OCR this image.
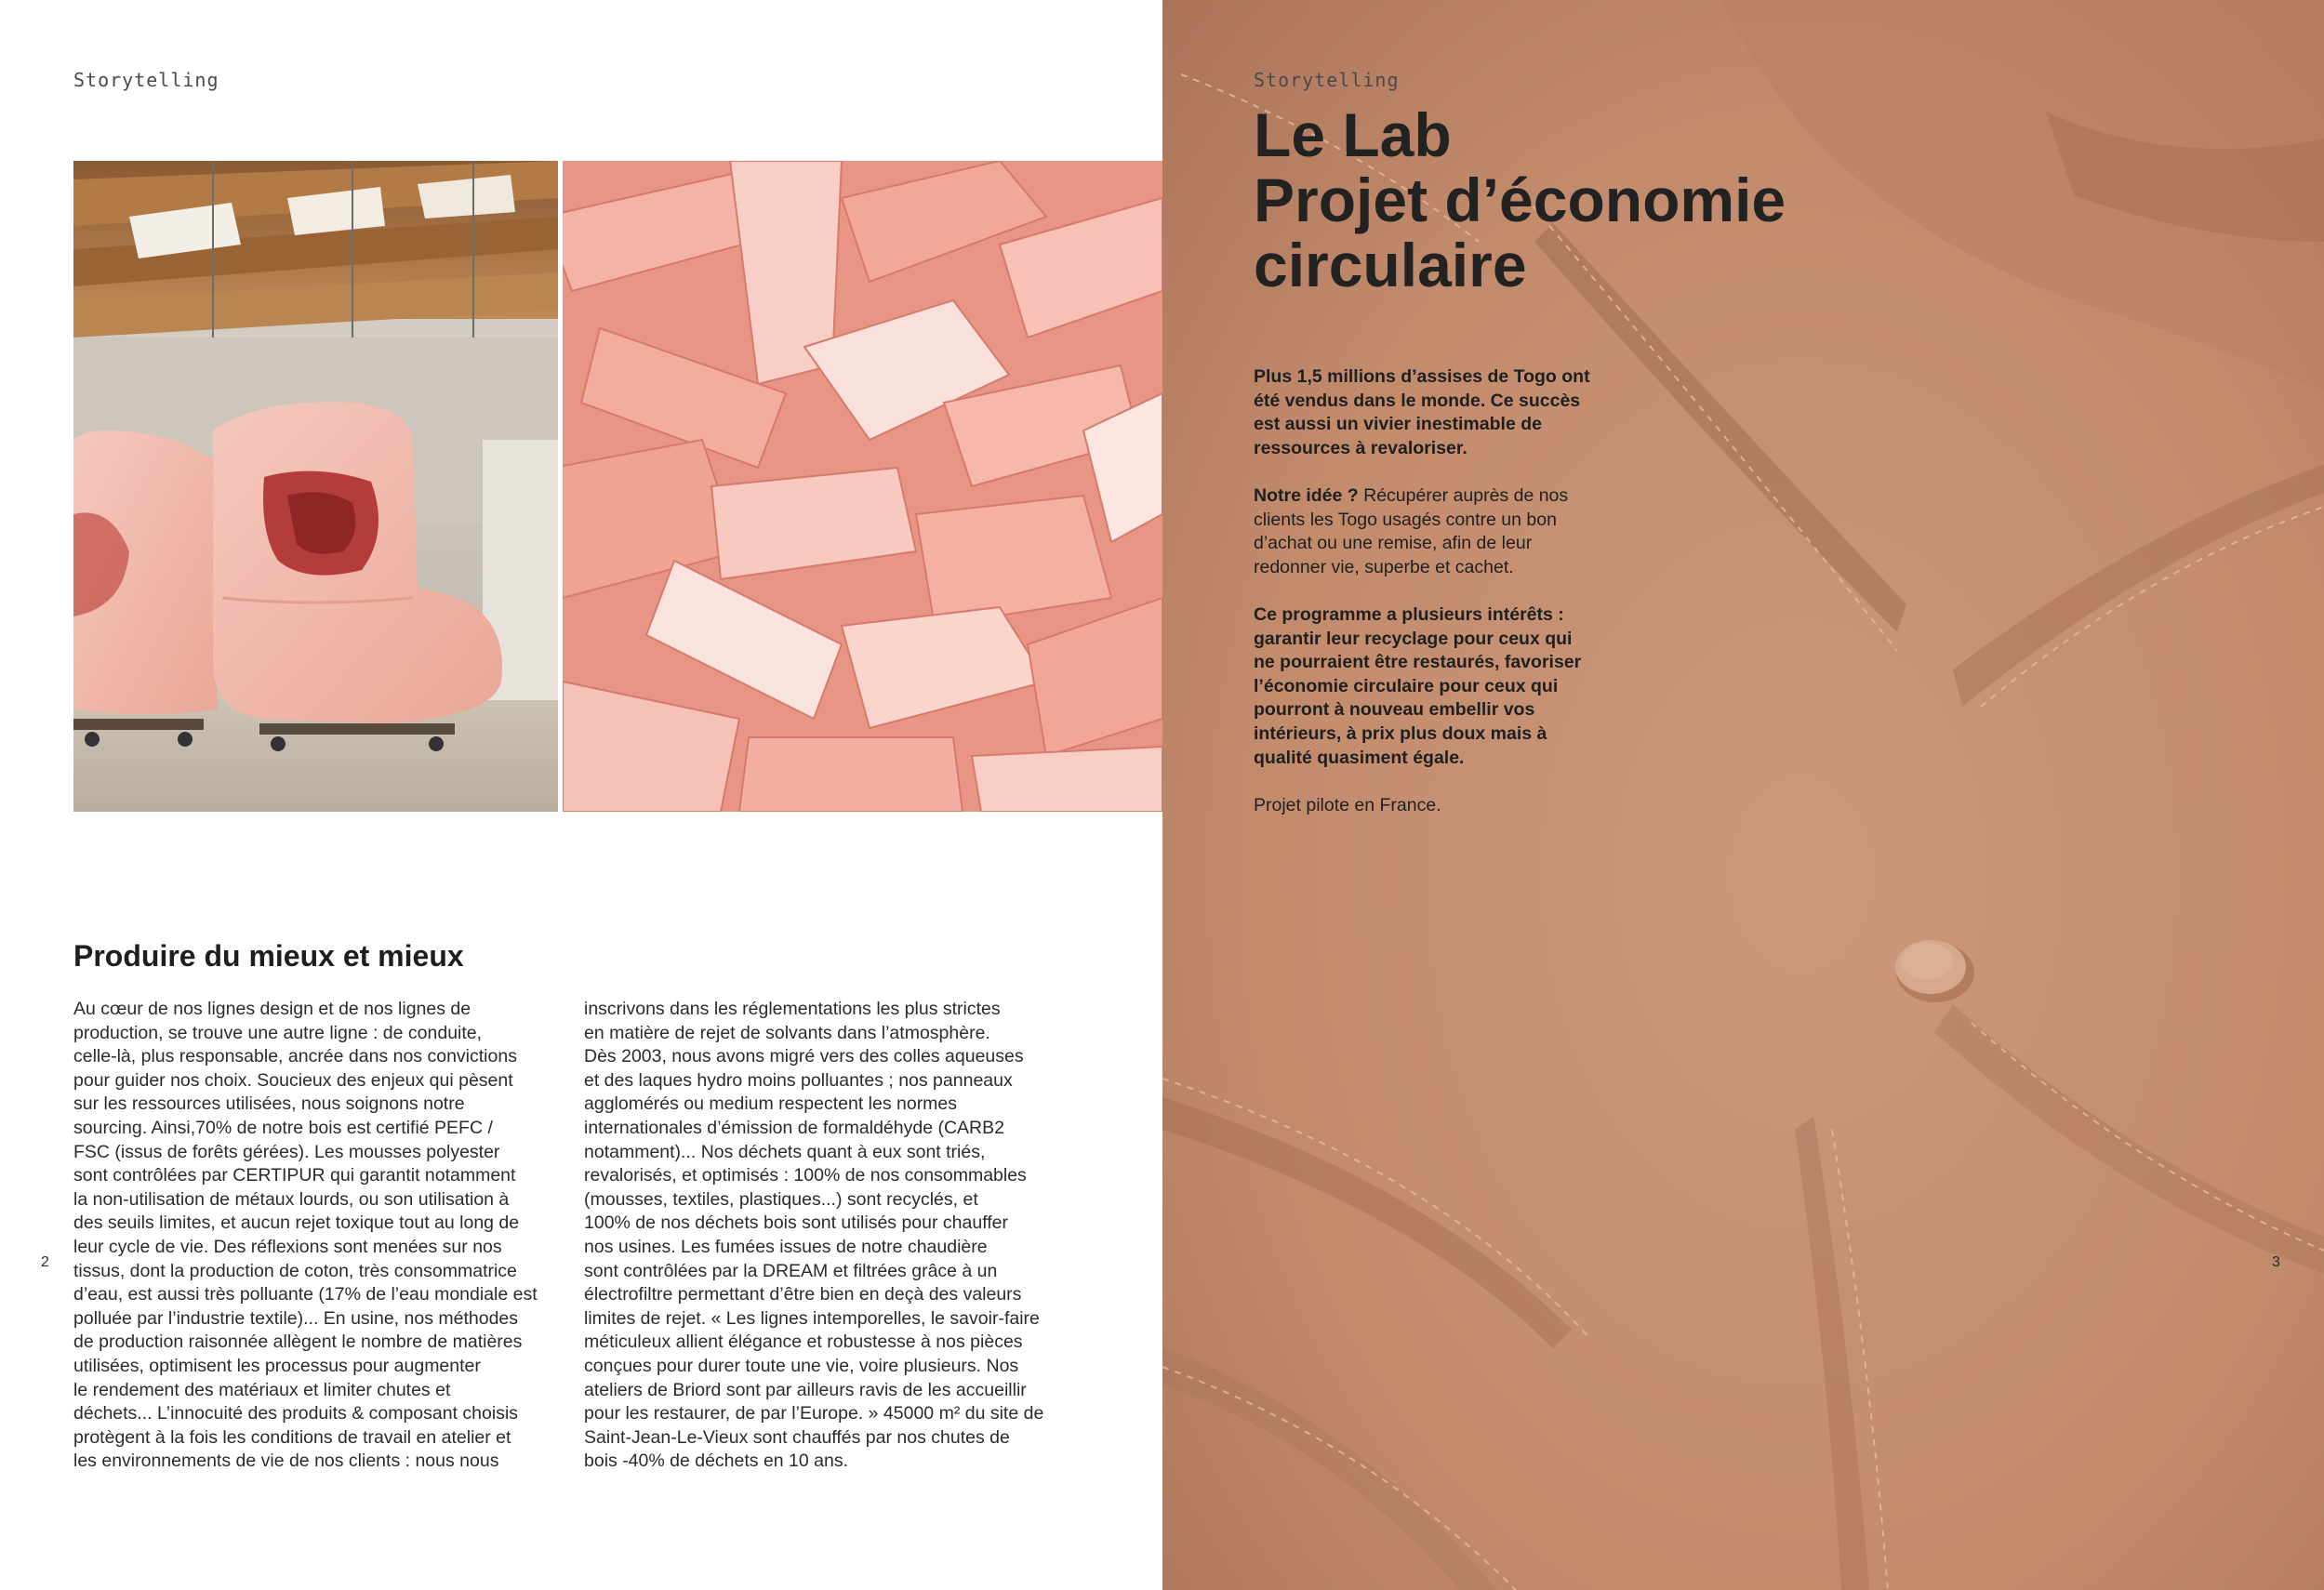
Storytelling
Produire du mieux et mieux

Au cœur de nos lignes design et de nos lignes de
production, se trouve une autre ligne : de conduite,
celle-là, plus responsable, ancrée dans nos convictions
pour guider nos choix. Soucieux des enjeux qui pèsent
sur les ressources utilisées, nous soignons notre
sourcing. Ainsi,70% de notre bois est certifié PEFC /
FSC (issus de forêts gérées). Les mousses polyester
sont contrôlées par CERTIPUR qui garantit notamment
la non-utilisation de métaux lourds, ou son utilisation à
des seuils limites, et aucun rejet toxique tout au long de
leur cycle de vie. Des réflexions sont menées sur nos
tissus, dont la production de coton, très consommatrice
d’eau, est aussi très polluante (17% de l’eau mondiale est
polluée par l’industrie textile)... En usine, nos méthodes
de production raisonnée allègent le nombre de matières
utilisées, optimisent les processus pour augmenter
le rendement des matériaux et limiter chutes et
déchets... L’innocuité des produits & composant choisis
protègent à la fois les conditions de travail en atelier et
les environnements de vie de nos clients : nous nous

inscrivons dans les réglementations les plus strictes
en matière de rejet de solvants dans l’atmosphère.
Dès 2003, nous avons migré vers des colles aqueuses
et des laques hydro moins polluantes ; nos panneaux
agglomérés ou medium respectent les normes
internationales d’émission de formaldéhyde (CARB2
notamment)... Nos déchets quant à eux sont triés,
revalorisés, et optimisés : 100% de nos consommables
(mousses, textiles, plastiques...) sont recyclés, et
100% de nos déchets bois sont utilisés pour chauffer
nos usines. Les fumées issues de notre chaudière
sont contrôlées par la DREAM et filtrées grâce à un
électrofiltre permettant d’être bien en deçà des valeurs
limites de rejet. « Les lignes intemporelles, le savoir-faire
méticuleux allient élégance et robustesse à nos pièces
conçues pour durer toute une vie, voire plusieurs. Nos
ateliers de Briord sont par ailleurs ravis de les accueillir
pour les restaurer, de par l’Europe. » 45000 m² du site de
Saint-Jean-Le-Vieux sont chauffés par nos chutes de
bois -40% de déchets en 10 ans.

2
Storytelling
Le Lab
Projet d’économie
circulaire

Plus 1,5 millions d’assises de Togo ont
été vendus dans le monde. Ce succès
est aussi un vivier inestimable de
ressources à revaloriser.

Notre idée ? Récupérer auprès de nos
clients les Togo usagés contre un bon
d’achat ou une remise, afin de leur
redonner vie, superbe et cachet.

Ce programme a plusieurs intérêts :
garantir leur recyclage pour ceux qui
ne pourraient être restaurés, favoriser
l’économie circulaire pour ceux qui
pourront à nouveau embellir vos
intérieurs, à prix plus doux mais à
qualité quasiment égale.

Projet pilote en France.

3
